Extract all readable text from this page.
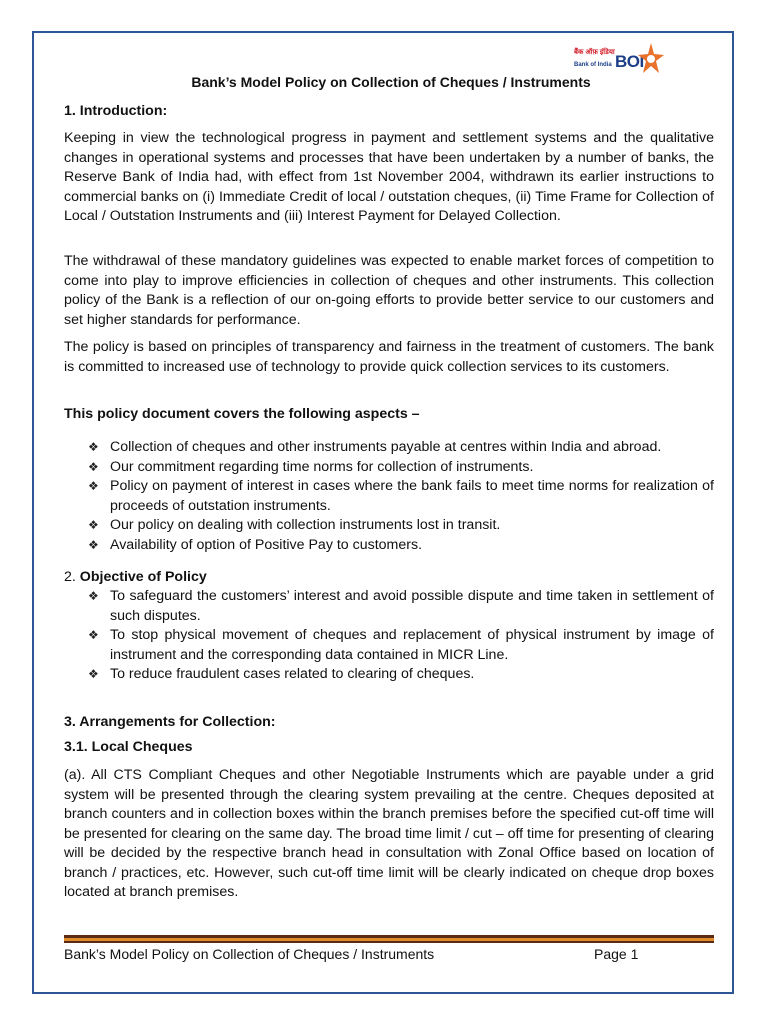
बैंक ऑफ़ इंडिया
Bank of India BOI
Bank’s Model Policy on Collection of Cheques / Instruments
1. Introduction:
Keeping in view the technological progress in payment and settlement systems and the qualitative changes in operational systems and processes that have been undertaken by a number of banks, the Reserve Bank of India had, with effect from 1st November 2004, withdrawn its earlier instructions to commercial banks on (i) Immediate Credit of local / outstation cheques, (ii) Time Frame for Collection of Local / Outstation Instruments and (iii) Interest Payment for Delayed Collection.
The withdrawal of these mandatory guidelines was expected to enable market forces of competition to come into play to improve efficiencies in collection of cheques and other instruments. This collection policy of the Bank is a reflection of our on-going efforts to provide better service to our customers and set higher standards for performance.
The policy is based on principles of transparency and fairness in the treatment of customers. The bank is committed to increased use of technology to provide quick collection services to its customers.
This policy document covers the following aspects –
❖ Collection of cheques and other instruments payable at centres within India and abroad.
❖ Our commitment regarding time norms for collection of instruments.
❖ Policy on payment of interest in cases where the bank fails to meet time norms for realization of proceeds of outstation instruments.
❖ Our policy on dealing with collection instruments lost in transit.
❖ Availability of option of Positive Pay to customers.
2. Objective of Policy
❖ To safeguard the customers’ interest and avoid possible dispute and time taken in settlement of such disputes.
❖ To stop physical movement of cheques and replacement of physical instrument by image of instrument and the corresponding data contained in MICR Line.
❖ To reduce fraudulent cases related to clearing of cheques.
3. Arrangements for Collection:
3.1. Local Cheques
(a). All CTS Compliant Cheques and other Negotiable Instruments which are payable under a grid system will be presented through the clearing system prevailing at the centre. Cheques deposited at branch counters and in collection boxes within the branch premises before the specified cut-off time will be presented for clearing on the same day. The broad time limit / cut – off time for presenting of clearing will be decided by the respective branch head in consultation with Zonal Office based on location of branch / practices, etc. However, such cut-off time limit will be clearly indicated on cheque drop boxes located at branch premises.
Bank’s Model Policy on Collection of Cheques / Instruments	Page 1
